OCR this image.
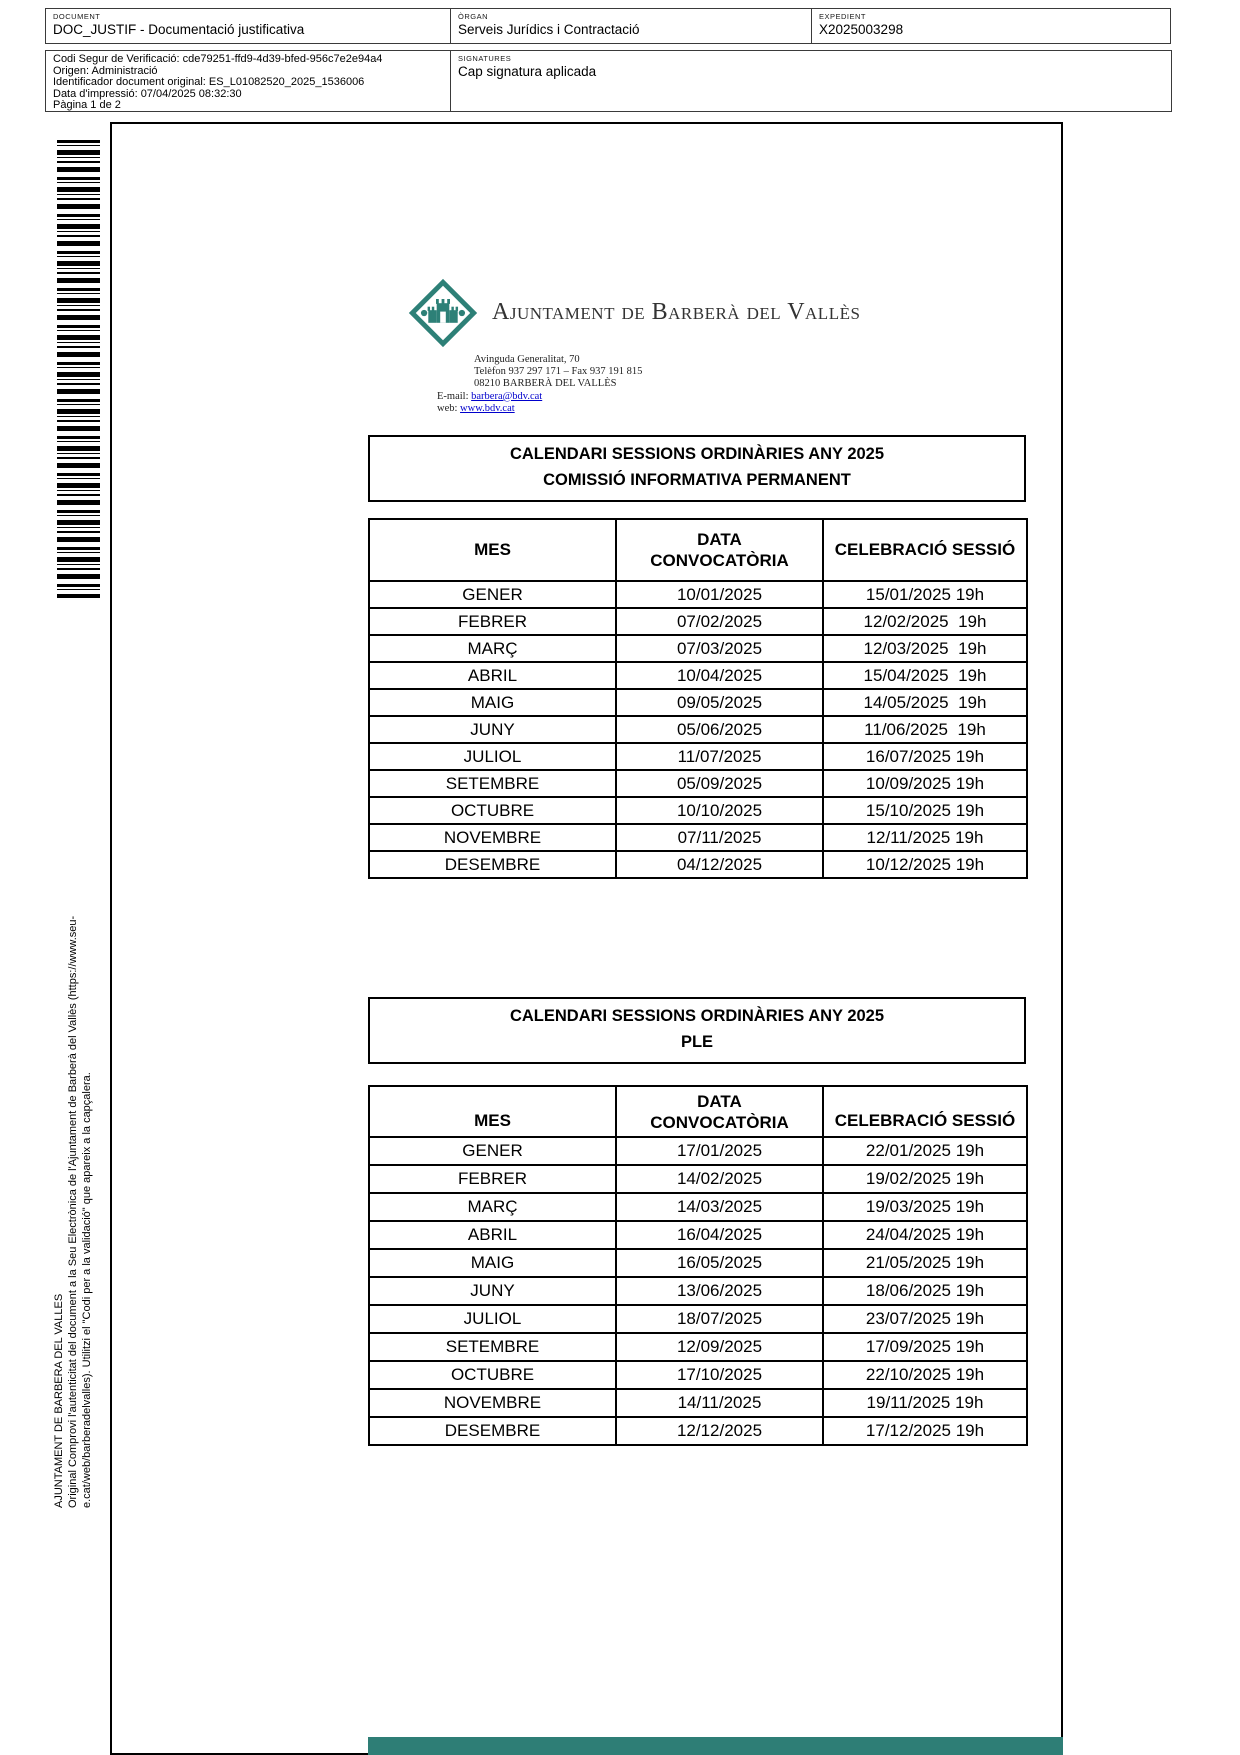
DOCUMENT
DOC_JUSTIF - Documentació justificativa
ÒRGAN
Serveis Jurídics i Contractació
EXPEDIENT
X2025003298
Codi Segur de Verificació: cde79251-ffd9-4d39-bfed-956c7e2e94a4
Origen: Administració
Identificador document original: ES_L01082520_2025_1536006
Data d'impressió: 07/04/2025 08:32:30
Pàgina 1 de 2
SIGNATURES
Cap signatura aplicada
AJUNTAMENT DE BARBERA DEL VALLES Original Comprovi l'autenticitat del document a la Seu Electrònica de l'Ajuntament de Barberà del Vallès (https://www.seu- e.cat/web/barberadelvalles). Utilitzi el "Codi per a la validació" que apareix a la capçalera.
Ajuntament de Barberà del Vallès
Avinguda Generalitat, 70
Telèfon 937 297 171 – Fax 937 191 815
08210 BARBERÀ DEL VALLÈS
E-mail: barbera@bdv.cat
web: www.bdv.cat
CALENDARI SESSIONS ORDINÀRIES ANY 2025
COMISSIÓ INFORMATIVA PERMANENT
MES	DATA CONVOCATÒRIA	CELEBRACIÓ SESSIÓ
GENER	10/01/2025	15/01/2025 19h
FEBRER	07/02/2025	12/02/2025  19h
MARÇ	07/03/2025	12/03/2025  19h
ABRIL	10/04/2025	15/04/2025  19h
MAIG	09/05/2025	14/05/2025  19h
JUNY	05/06/2025	11/06/2025  19h
JULIOL	11/07/2025	16/07/2025 19h
SETEMBRE	05/09/2025	10/09/2025 19h
OCTUBRE	10/10/2025	15/10/2025 19h
NOVEMBRE	07/11/2025	12/11/2025 19h
DESEMBRE	04/12/2025	10/12/2025 19h
CALENDARI SESSIONS ORDINÀRIES ANY 2025
PLE
MES	DATA CONVOCATÒRIA	CELEBRACIÓ SESSIÓ
GENER	17/01/2025	22/01/2025 19h
FEBRER	14/02/2025	19/02/2025 19h
MARÇ	14/03/2025	19/03/2025 19h
ABRIL	16/04/2025	24/04/2025 19h
MAIG	16/05/2025	21/05/2025 19h
JUNY	13/06/2025	18/06/2025 19h
JULIOL	18/07/2025	23/07/2025 19h
SETEMBRE	12/09/2025	17/09/2025 19h
OCTUBRE	17/10/2025	22/10/2025 19h
NOVEMBRE	14/11/2025	19/11/2025 19h
DESEMBRE	12/12/2025	17/12/2025 19h
